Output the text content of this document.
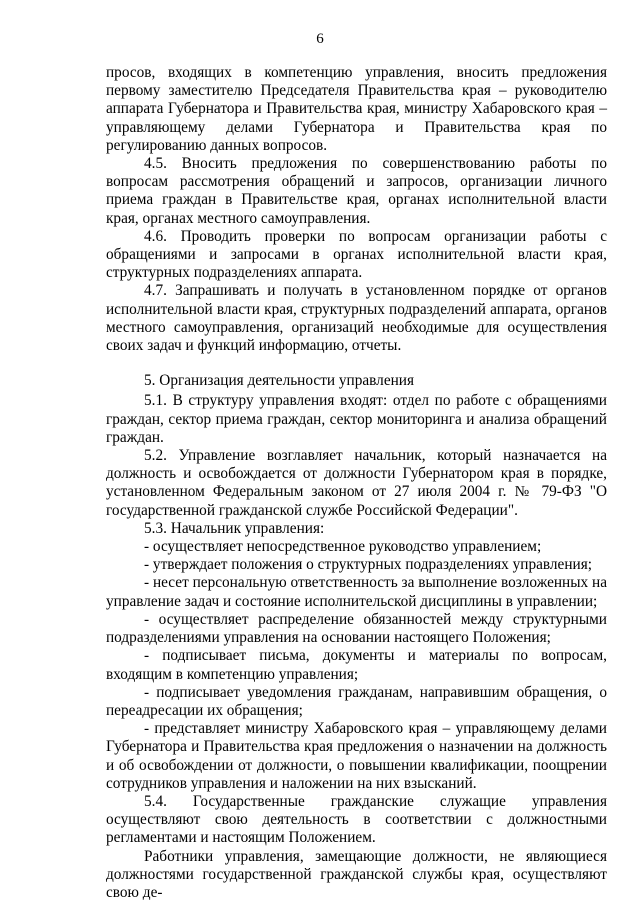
6

просов, входящих в компетенцию управления, вносить предложения первому заместителю Председателя Правительства края – руководителю аппарата Губернатора и Правительства края, министру Хабаровского края – управляющему делами Губернатора и Правительства края по регулированию данных вопросов.

4.5. Вносить предложения по совершенствованию работы по вопросам рассмотрения обращений и запросов, организации личного приема граждан в Правительстве края, органах исполнительной власти края, органах местного самоуправления.

4.6. Проводить проверки по вопросам организации работы с обращениями и запросами в органах исполнительной власти края, структурных подразделениях аппарата.

4.7. Запрашивать и получать в установленном порядке от органов исполнительной власти края, структурных подразделений аппарата, органов местного самоуправления, организаций необходимые для осуществления своих задач и функций информацию, отчеты.

5. Организация деятельности управления

5.1. В структуру управления входят: отдел по работе с обращениями граждан, сектор приема граждан, сектор мониторинга и анализа обращений граждан.

5.2. Управление возглавляет начальник, который назначается на должность и освобождается от должности Губернатором края в порядке, установленном Федеральным законом от 27 июля 2004 г. № 79-ФЗ "О государственной гражданской службе Российской Федерации".

5.3. Начальник управления:

- осуществляет непосредственное руководство управлением;

- утверждает положения о структурных подразделениях управления;

- несет персональную ответственность за выполнение возложенных на управление задач и состояние исполнительской дисциплины в управлении;

- осуществляет распределение обязанностей между структурными подразделениями управления на основании настоящего Положения;

- подписывает письма, документы и материалы по вопросам, входящим в компетенцию управления;

- подписывает уведомления гражданам, направившим обращения, о переадресации их обращения;

- представляет министру Хабаровского края – управляющему делами Губернатора и Правительства края предложения о назначении на должность и об освобождении от должности, о повышении квалификации, поощрении сотрудников управления и наложении на них взысканий.

5.4. Государственные гражданские служащие управления осуществляют свою деятельность в соответствии с должностными регламентами и настоящим Положением.

Работники управления, замещающие должности, не являющиеся должностями государственной гражданской службы края, осуществляют свою де-
